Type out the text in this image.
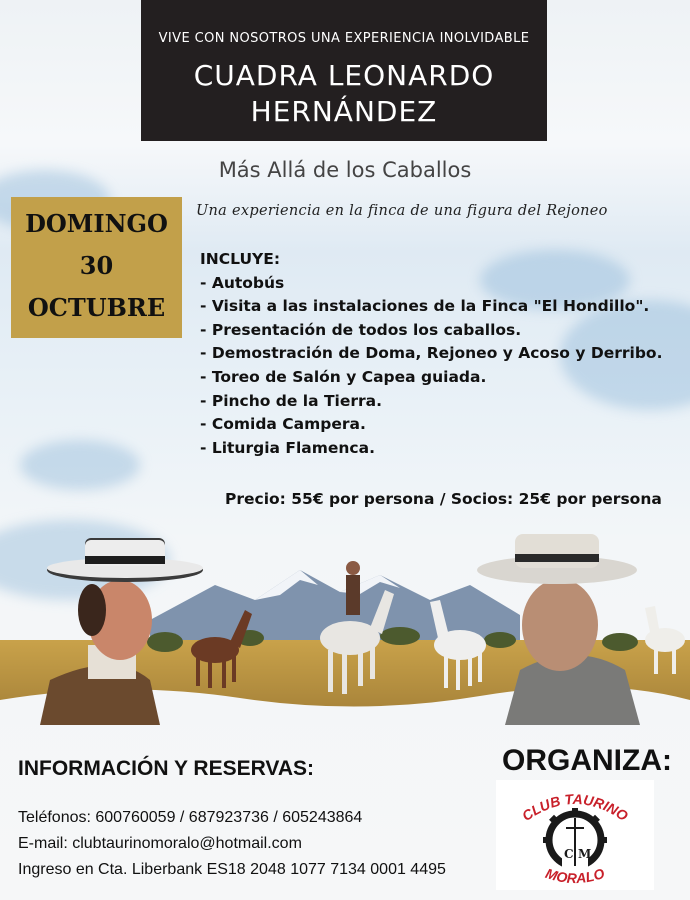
VIVE CON NOSOTROS UNA EXPERIENCIA INOLVIDABLE
CUADRA LEONARDO
HERNÁNDEZ
Más Allá de los Caballos
Una experiencia en la finca de una figura del Rejoneo
DOMINGO
30
OCTUBRE
INCLUYE:
- Autobús
- Visita a las instalaciones de la Finca "El Hondillo".
- Presentación de todos los caballos.
- Demostración de Doma, Rejoneo y Acoso y Derribo.
- Toreo de Salón y Capea guiada.
- Pincho de la Tierra.
- Comida Campera.
- Liturgia Flamenca.
Precio: 55€ por persona / Socios: 25€ por persona
INFORMACIÓN Y RESERVAS:
Teléfonos: 600760059 / 687923736 / 605243864
E-mail: clubtaurinomoralo@hotmail.com
Ingreso en Cta. Liberbank ES18 2048 1077 7134 0001 4495
ORGANIZA:
CLUB TAURINO
C M
MORALO
